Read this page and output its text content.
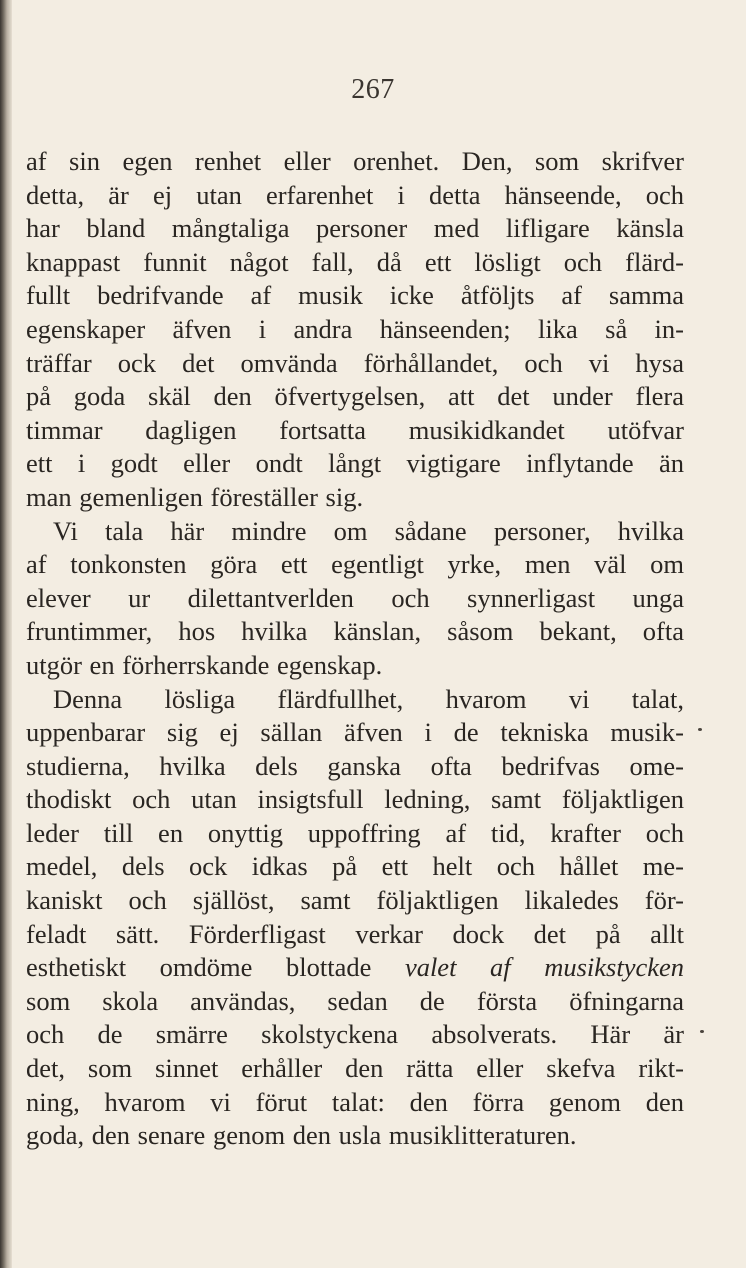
267
af sin egen renhet eller orenhet. Den, som skrifver
detta, är ej utan erfarenhet i detta hänseende, och
har bland mångtaliga personer med lifligare känsla
knappast funnit något fall, då ett lösligt och flärd-
fullt bedrifvande af musik icke åtföljts af samma
egenskaper äfven i andra hänseenden; lika så in-
träffar ock det omvända förhållandet, och vi hysa
på goda skäl den öfvertygelsen, att det under flera
timmar dagligen fortsatta musikidkandet utöfvar
ett i godt eller ondt långt vigtigare inflytande än
man gemenligen föreställer sig.
Vi tala här mindre om sådane personer, hvilka
af tonkonsten göra ett egentligt yrke, men väl om
elever ur dilettantverlden och synnerligast unga
fruntimmer, hos hvilka känslan, såsom bekant, ofta
utgör en förherrskande egenskap.
Denna lösliga flärdfullhet, hvarom vi talat,
uppenbarar sig ej sällan äfven i de tekniska musik-
studierna, hvilka dels ganska ofta bedrifvas ome-
thodiskt och utan insigtsfull ledning, samt följaktligen
leder till en onyttig uppoffring af tid, krafter och
medel, dels ock idkas på ett helt och hållet me-
kaniskt och själlöst, samt följaktligen likaledes för-
feladt sätt. Förderfligast verkar dock det på allt
esthetiskt omdöme blottade valet af musikstycken
som skola användas, sedan de första öfningarna
och de smärre skolstyckena absolverats. Här är
det, som sinnet erhåller den rätta eller skefva rikt-
ning, hvarom vi förut talat: den förra genom den
goda, den senare genom den usla musiklitteraturen.
